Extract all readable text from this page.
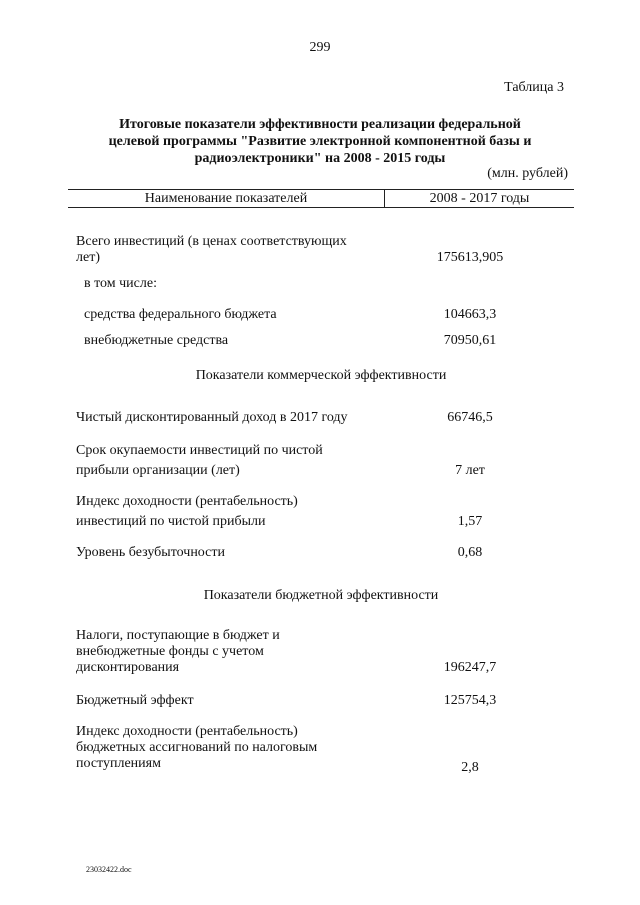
299
Таблица 3
Итоговые показатели эффективности реализации федеральной
целевой программы "Развитие электронной компонентной базы и
радиоэлектроники" на 2008 - 2015 годы
(млн. рублей)
Наименование показателей	2008 - 2017 годы
Всего инвестиций (в ценах соответствующих
лет)	175613,905
в том числе:
средства федерального бюджета	104663,3
внебюджетные средства	70950,61
Показатели коммерческой эффективности
Чистый дисконтированный доход в 2017 году	66746,5
Срок окупаемости инвестиций по чистой
прибыли организации (лет)	7 лет
Индекс доходности (рентабельность)
инвестиций по чистой прибыли	1,57
Уровень безубыточности	0,68
Показатели бюджетной эффективности
Налоги, поступающие в бюджет и
внебюджетные фонды с учетом
дисконтирования	196247,7
Бюджетный эффект	125754,3
Индекс доходности (рентабельность)
бюджетных ассигнований по налоговым
поступлениям	2,8
23032422.doc
